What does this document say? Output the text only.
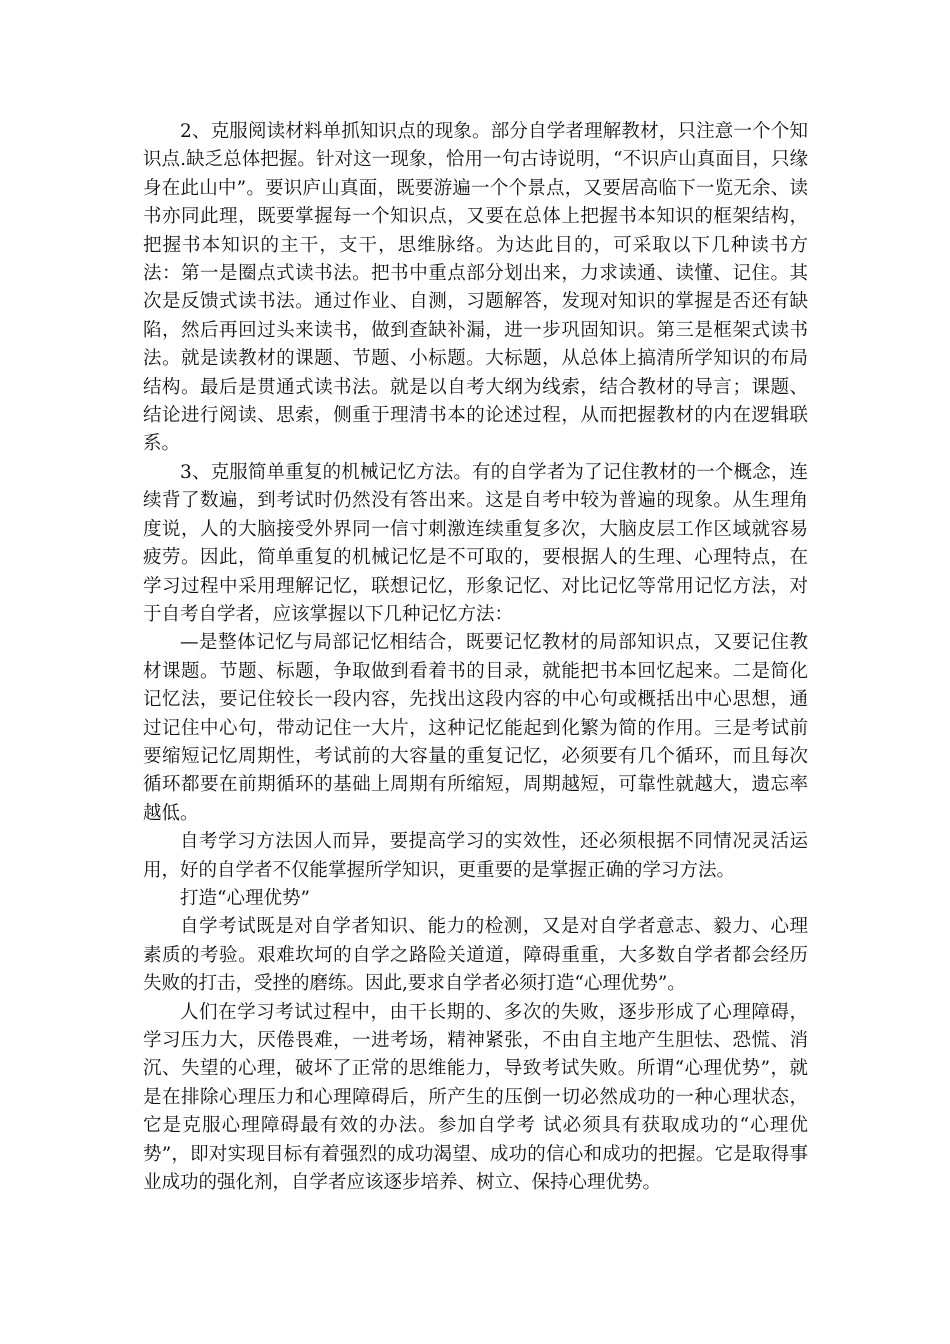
2、克服阅读材料单抓知识点的现象。部分自学者理解教材，只注意一个个知识点.缺乏总体把握。针对这一现象，恰用一句古诗说明，“不识庐山真面目，只缘身在此山中”。要识庐山真面，既要游遍一个个景点，又要居高临下一览无余、读书亦同此理，既要掌握每一个知识点，又要在总体上把握书本知识的框架结构，把握书本知识的主干，支干，思维脉络。为达此目的，可采取以下几种读书方法：第一是圈点式读书法。把书中重点部分划出来，力求读通、读懂、记住。其次是反馈式读书法。通过作业、自测，习题解答，发现对知识的掌握是否还有缺陷，然后再回过头来读书，做到查缺补漏，进一步巩固知识。第三是框架式读书法。就是读教材的课题、节题、小标题。大标题，从总体上搞清所学知识的布局结构。最后是贯通式读书法。就是以自考大纲为线索，结合教材的导言；课题、结论进行阅读、思索，侧重于理清书本的论述过程，从而把握教材的内在逻辑联系。

3、克服简单重复的机械记忆方法。有的自学者为了记住教材的一个概念，连续背了数遍，到考试时仍然没有答出来。这是自考中较为普遍的现象。从生理角度说，人的大脑接受外界同一信寸刺激连续重复多次，大脑皮层工作区域就容易疲劳。因此，简单重复的机械记忆是不可取的，要根据人的生理、心理特点，在学习过程中采用理解记忆，联想记忆，形象记忆、对比记忆等常用记忆方法，对于自考自学者，应该掌握以下几种记忆方法：

—是整体记忆与局部记忆相结合，既要记忆教材的局部知识点，又要记住教材课题。节题、标题，争取做到看着书的目录，就能把书本回忆起来。二是简化记忆法，要记住较长一段内容，先找出这段内容的中心句或概括出中心思想，通过记住中心句，带动记住一大片，这种记忆能起到化繁为简的作用。三是考试前要缩短记忆周期性，考试前的大容量的重复记忆，必须要有几个循环，而且每次循环都要在前期循环的基础上周期有所缩短，周期越短，可靠性就越大，遗忘率越低。

自考学习方法因人而异，要提高学习的实效性，还必须根据不同情况灵活运用，好的自学者不仅能掌握所学知识，更重要的是掌握正确的学习方法。

打造“心理优势”

自学考试既是对自学者知识、能力的检测，又是对自学者意志、毅力、心理素质的考验。艰难坎坷的自学之路险关道道，障碍重重，大多数自学者都会经历失败的打击，受挫的磨练。因此,要求自学者必须打造“心理优势”。

人们在学习考试过程中，由干长期的、多次的失败，逐步形成了心理障碍，学习压力大，厌倦畏难，一进考场，精神紧张，不由自主地产生胆怯、恐慌、消沉、失望的心理，破坏了正常的思维能力，导致考试失败。所谓“心理优势”，就是在排除心理压力和心理障碍后，所产生的压倒一切必然成功的一种心理状态，它是克服心理障碍最有效的办法。参加自学考 试必须具有获取成功的“心理优势”，即对实现目标有着强烈的成功渴望、成功的信心和成功的把握。它是取得事业成功的强化剂，自学者应该逐步培养、树立、保持心理优势。
